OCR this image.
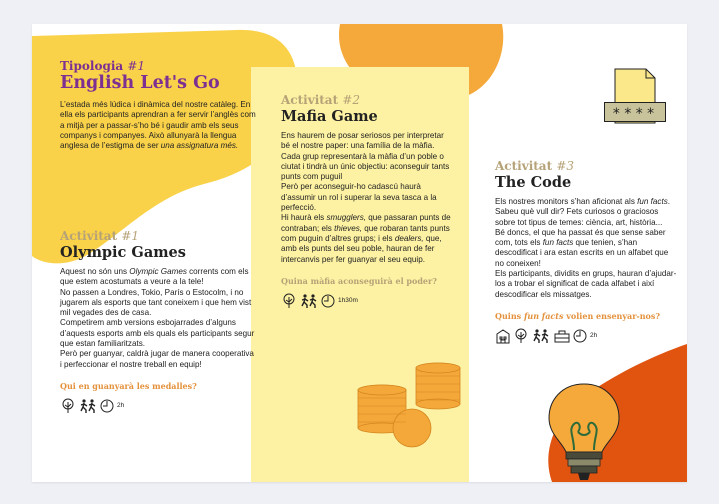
Tipologia #1
English Let's Go
L’estada més lúdica i dinàmica del nostre catàleg. En ella els participants aprendran a fer servir l’anglès com a mitjà per a passar-s’ho bé i gaudir amb els seus companys i companyes. Això allunyarà la llengua anglesa de l’estigma de ser una assignatura més.
Activitat #1
Olympic Games

Aquest no són uns Olympic Games corrents com els que estem acostumats a veure a la tele!

No passen a Londres, Tokio, París o Estocolm, i no jugarem als esports que tant coneixem i que hem vist mil vegades des de casa.

Competirem amb versions esbojarrades d’alguns d’aquests esports amb els quals els participants segur que estan familiaritzats.

Però per guanyar, caldrà jugar de manera cooperativa i perfeccionar el nostre treball en equip!

Qui en guanyarà les medalles?
2h
Activitat #2
Mafia Game

Ens haurem de posar seriosos per interpretar bé el nostre paper: una família de la màfia.

Cada grup representarà la màfia d’un poble o ciutat i tindrà un únic objectiu: aconseguir tants punts com puguil

Però per aconseguir-ho cadascú haurà d’assumir un rol i superar la seva tasca a la perfecció.

Hi haurà els smugglers, que passaran punts de contraban; els thieves, que robaran tants punts com puguin d’altres grups; i els dealers, que, amb els punts del seu poble, hauran de fer intercanvis per fer guanyar el seu equip.

Quina màfia aconseguirà el poder?
1h30m
Activitat #3
The Code

Els nostres monitors s’han aficionat als fun facts. Sabeu què vull dir? Fets curiosos o graciosos sobre tot tipus de temes: ciència, art, història...

Bé doncs, el que ha passat és que sense saber com, tots els fun facts que tenien, s’han descodificat i ara estan escrits en un alfabet que no coneixen!

Els participants, dividits en grups, hauran d’ajudar-los a trobar el significat de cada alfabet i així descodificar els missatges.

Quins fun facts volien ensenyar-nos?
2h
****
